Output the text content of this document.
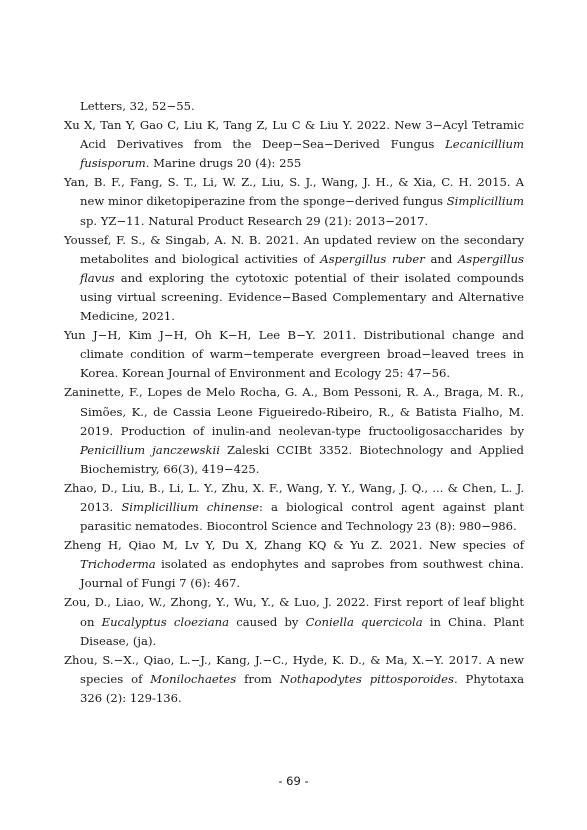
Letters, 32, 52−55.

Xu X, Tan Y, Gao C, Liu K, Tang Z, Lu C & Liu Y. 2022. New 3−Acyl Tetramic Acid Derivatives from the Deep−Sea−Derived Fungus Lecanicillium fusisporum. Marine drugs 20 (4): 255

Yan, B. F., Fang, S. T., Li, W. Z., Liu, S. J., Wang, J. H., & Xia, C. H. 2015. A new minor diketopiperazine from the sponge−derived fungus Simplicillium sp. YZ−11. Natural Product Research 29 (21): 2013−2017.

Youssef, F. S., & Singab, A. N. B. 2021. An updated review on the secondary metabolites and biological activities of Aspergillus ruber and Aspergillus flavus and exploring the cytotoxic potential of their isolated compounds using virtual screening. Evidence−Based Complementary and Alternative Medicine, 2021.

Yun J−H, Kim J−H, Oh K−H, Lee B−Y. 2011. Distributional change and climate condition of warm−temperate evergreen broad−leaved trees in Korea. Korean Journal of Environment and Ecology 25: 47−56.

Zaninette, F., Lopes de Melo Rocha, G. A., Bom Pessoni, R. A., Braga, M. R., Simões, K., de Cassia Leone Figueiredo-Ribeiro, R., & Batista Fialho, M. 2019. Production of inulin-and neolevan-type fructooligosaccharides by Penicillium janczewskii Zaleski CCIBt 3352. Biotechnology and Applied Biochemistry, 66(3), 419−425.

Zhao, D., Liu, B., Li, L. Y., Zhu, X. F., Wang, Y. Y., Wang, J. Q., ... & Chen, L. J. 2013. Simplicillium chinense: a biological control agent against plant parasitic nematodes. Biocontrol Science and Technology 23 (8): 980−986.

Zheng H, Qiao M, Lv Y, Du X, Zhang KQ & Yu Z. 2021. New species of Trichoderma isolated as endophytes and saprobes from southwest china. Journal of Fungi 7 (6): 467.

Zou, D., Liao, W., Zhong, Y., Wu, Y., & Luo, J. 2022. First report of leaf blight on Eucalyptus cloeziana caused by Coniella quercicola in China. Plant Disease, (ja).

Zhou, S.−X., Qiao, L.−J., Kang, J.−C., Hyde, K. D., & Ma, X.−Y. 2017. A new species of Monilochaetes from Nothapodytes pittosporoides. Phytotaxa 326 (2): 129-136.

- 69 -
